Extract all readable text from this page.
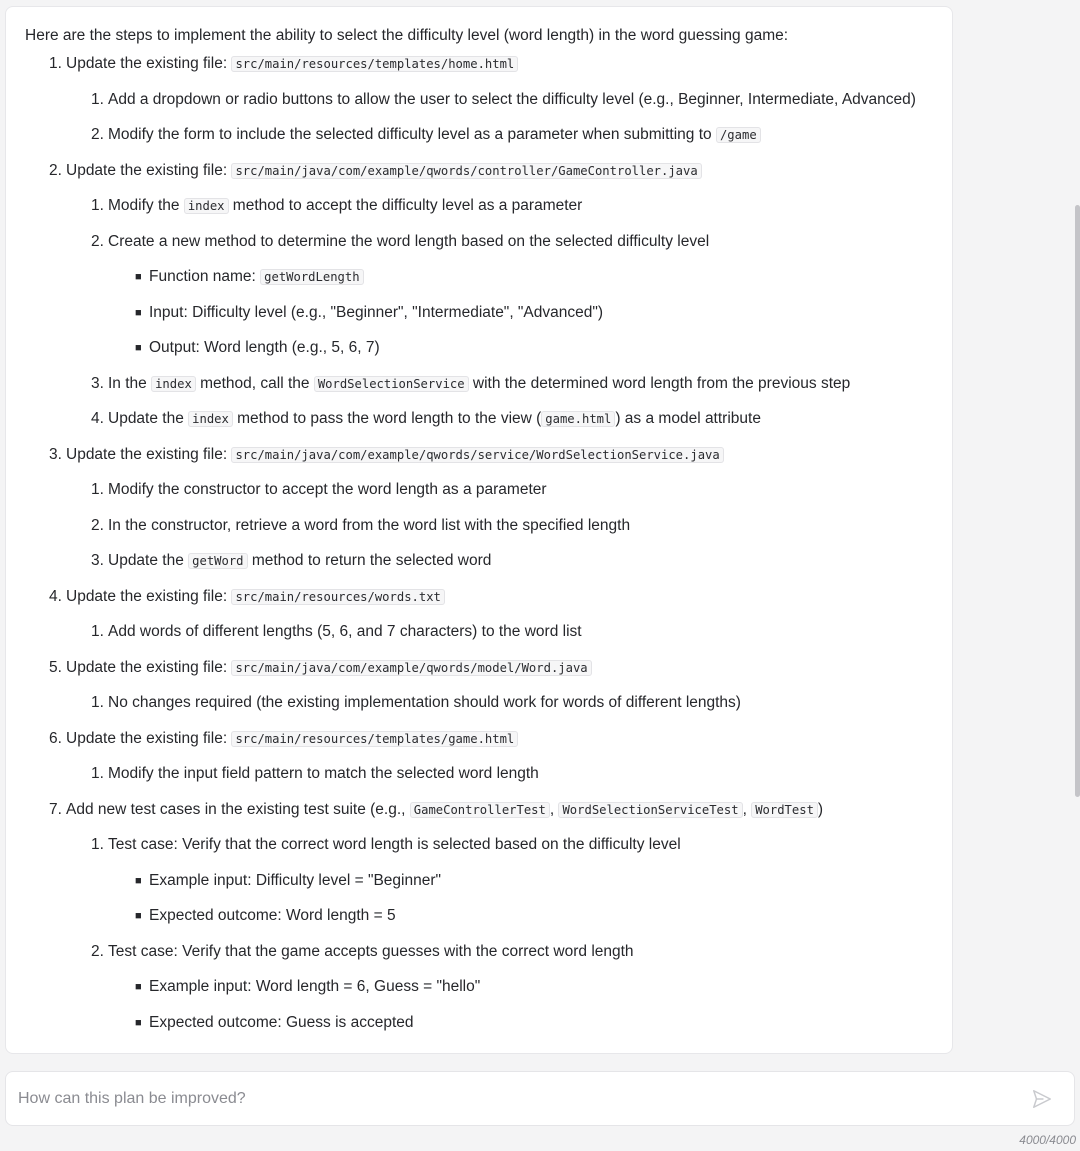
Here are the steps to implement the ability to select the difficulty level (word length) in the word guessing game:

1. Update the existing file: src/main/resources/templates/home.html
1. Add a dropdown or radio buttons to allow the user to select the difficulty level (e.g., Beginner, Intermediate, Advanced)
2. Modify the form to include the selected difficulty level as a parameter when submitting to /game
2. Update the existing file: src/main/java/com/example/qwords/controller/GameController.java
1. Modify the index method to accept the difficulty level as a parameter
2. Create a new method to determine the word length based on the selected difficulty level
■ Function name: getWordLength
■ Input: Difficulty level (e.g., "Beginner", "Intermediate", "Advanced")
■ Output: Word length (e.g., 5, 6, 7)
3. In the index method, call the WordSelectionService with the determined word length from the previous step
4. Update the index method to pass the word length to the view ( game.html ) as a model attribute
3. Update the existing file: src/main/java/com/example/qwords/service/WordSelectionService.java
1. Modify the constructor to accept the word length as a parameter
2. In the constructor, retrieve a word from the word list with the specified length
3. Update the getWord method to return the selected word
4. Update the existing file: src/main/resources/words.txt
1. Add words of different lengths (5, 6, and 7 characters) to the word list
5. Update the existing file: src/main/java/com/example/qwords/model/Word.java
1. No changes required (the existing implementation should work for words of different lengths)
6. Update the existing file: src/main/resources/templates/game.html
1. Modify the input field pattern to match the selected word length
7. Add new test cases in the existing test suite (e.g., GameControllerTest , WordSelectionServiceTest , WordTest )
1. Test case: Verify that the correct word length is selected based on the difficulty level
■ Example input: Difficulty level = "Beginner"
■ Expected outcome: Word length = 5
2. Test case: Verify that the game accepts guesses with the correct word length
■ Example input: Word length = 6, Guess = "hello"
■ Expected outcome: Guess is accepted
How can this plan be improved?
4000/4000
